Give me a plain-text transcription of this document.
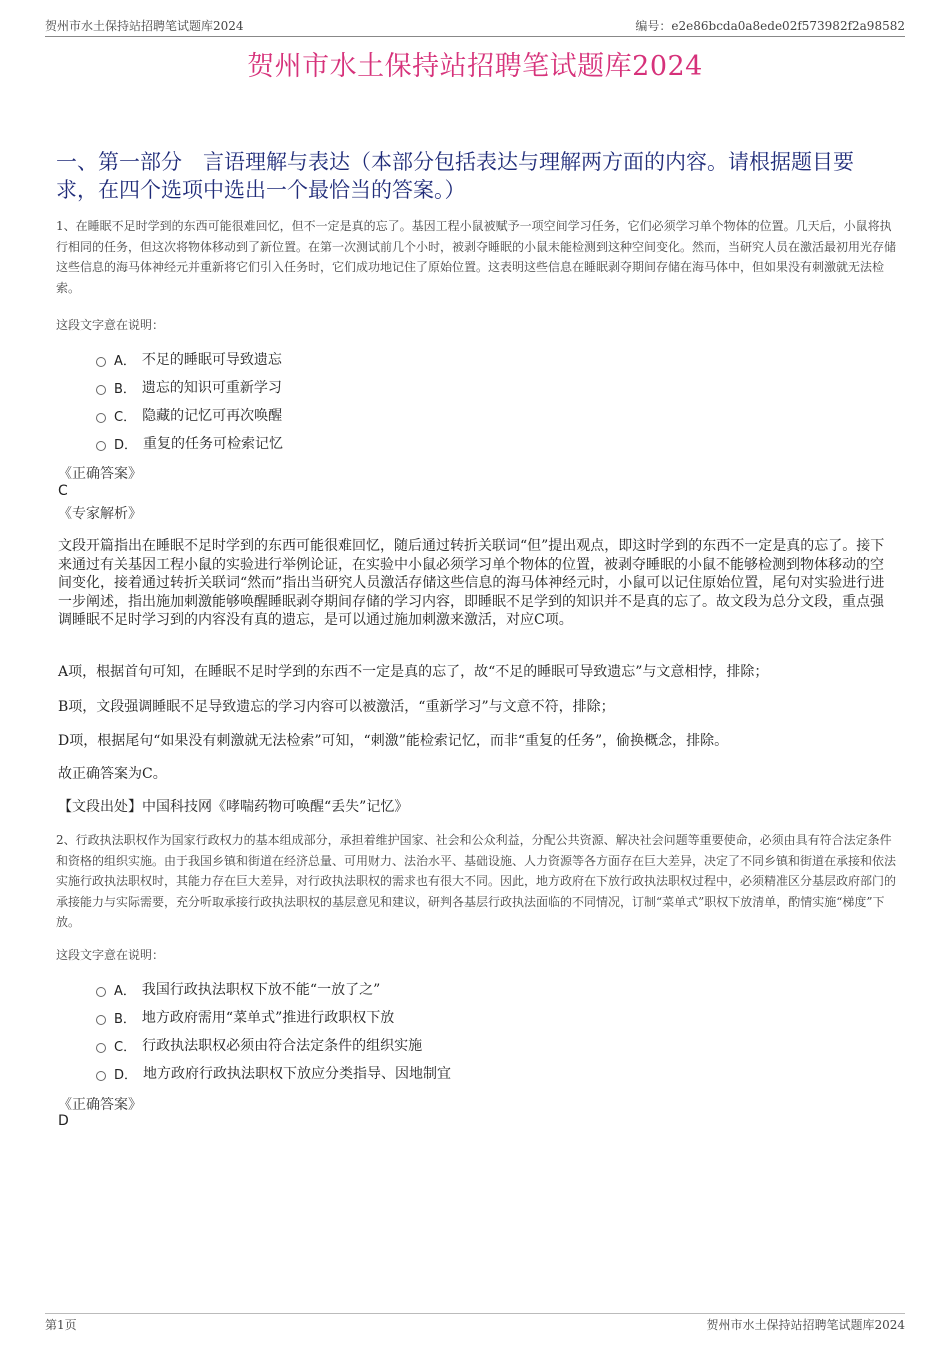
贺州市水土保持站招聘笔试题库2024	编号：e2e86bcda0a8ede02f573982f2a98582
贺州市水土保持站招聘笔试题库2024
一、第一部分　言语理解与表达（本部分包括表达与理解两方面的内容。请根据题目要求，在四个选项中选出一个最恰当的答案。）
1、在睡眠不足时学到的东西可能很难回忆，但不一定是真的忘了。基因工程小鼠被赋予一项空间学习任务，它们必须学习单个物体的位置。几天后，小鼠将执行相同的任务，但这次将物体移动到了新位置。在第一次测试前几个小时，被剥夺睡眠的小鼠未能检测到这种空间变化。然而，当研究人员在激活最初用光存储这些信息的海马体神经元并重新将它们引入任务时，它们成功地记住了原始位置。这表明这些信息在睡眠剥夺期间存储在海马体中，但如果没有刺激就无法检索。
这段文字意在说明：
A． 不足的睡眠可导致遗忘
B． 遗忘的知识可重新学习
C． 隐藏的记忆可再次唤醒
D． 重复的任务可检索记忆
《正确答案》
C
《专家解析》
文段开篇指出在睡眠不足时学到的东西可能很难回忆，随后通过转折关联词“但”提出观点，即这时学到的东西不一定是真的忘了。接下来通过有关基因工程小鼠的实验进行举例论证，在实验中小鼠必须学习单个物体的位置，被剥夺睡眠的小鼠不能够检测到物体移动的空间变化，接着通过转折关联词“然而”指出当研究人员激活存储这些信息的海马体神经元时，小鼠可以记住原始位置，尾句对实验进行进一步阐述，指出施加刺激能够唤醒睡眠剥夺期间存储的学习内容，即睡眠不足学到的知识并不是真的忘了。故文段为总分文段，重点强调睡眠不足时学习到的内容没有真的遗忘，是可以通过施加刺激来激活，对应C项。
A项，根据首句可知，在睡眠不足时学到的东西不一定是真的忘了，故“不足的睡眠可导致遗忘”与文意相悖，排除；
B项，文段强调睡眠不足导致遗忘的学习内容可以被激活，“重新学习”与文意不符，排除；
D项，根据尾句“如果没有刺激就无法检索”可知，“刺激”能检索记忆，而非“重复的任务”，偷换概念，排除。
故正确答案为C。
【文段出处】中国科技网《哮喘药物可唤醒“丢失”记忆》
2、行政执法职权作为国家行政权力的基本组成部分，承担着维护国家、社会和公众利益，分配公共资源、解决社会问题等重要使命，必须由具有符合法定条件和资格的组织实施。由于我国乡镇和街道在经济总量、可用财力、法治水平、基础设施、人力资源等各方面存在巨大差异，决定了不同乡镇和街道在承接和依法实施行政执法职权时，其能力存在巨大差异，对行政执法职权的需求也有很大不同。因此，地方政府在下放行政执法职权过程中，必须精准区分基层政府部门的承接能力与实际需要，充分听取承接行政执法职权的基层意见和建议，研判各基层行政执法面临的不同情况，订制“菜单式”职权下放清单，酌情实施“梯度”下放。
这段文字意在说明：
A． 我国行政执法职权下放不能“一放了之”
B． 地方政府需用“菜单式”推进行政职权下放
C． 行政执法职权必须由符合法定条件的组织实施
D． 地方政府行政执法职权下放应分类指导、因地制宜
《正确答案》
D
第1页	贺州市水土保持站招聘笔试题库2024
